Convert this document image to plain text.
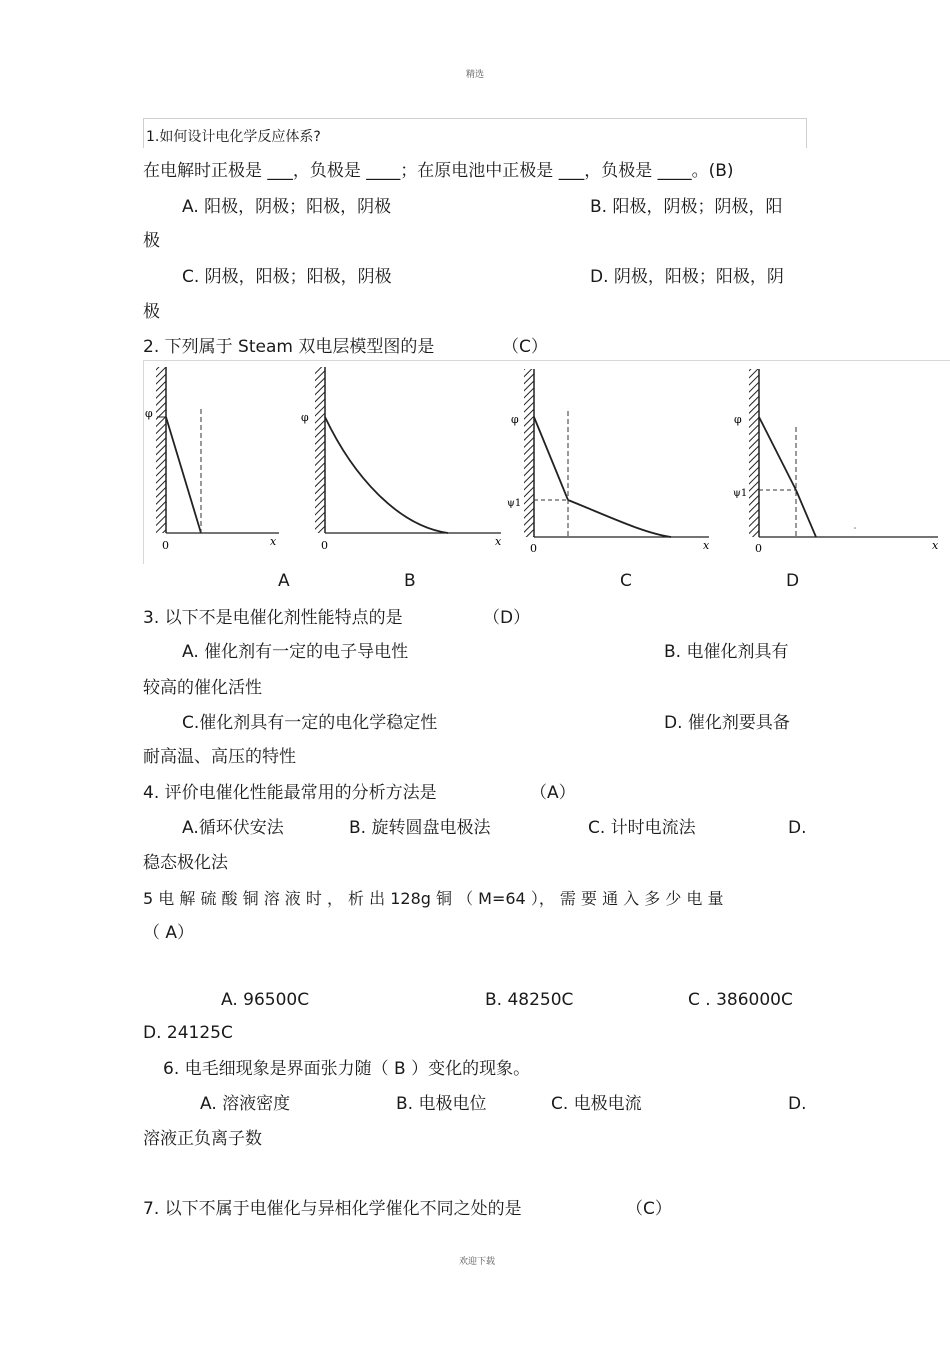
精选
欢迎下载
1.如何设计电化学反应体系?
在电解时正极是 ___，负极是 ____；在原电池中正极是 ___，负极是 ____。(B)
A. 阳极，阴极；阳极，阴极	B. 阳极，阴极；阴极，阳
极
C. 阴极，阳极；阳极，阴极	D. 阴极，阳极；阳极，阴
极
2. 下列属于 Steam 双电层模型图的是	（C）
φ
0	x
φ
0	x
φ
ψ1
0	x
φ
ψ1
0	x
A	B	C	D
3. 以下不是电催化剂性能特点的是	（D）
A. 催化剂有一定的电子导电性	B. 电催化剂具有
较高的催化活性
C.催化剂具有一定的电化学稳定性	D. 催化剂要具备
耐高温、高压的特性
4. 评价电催化性能最常用的分析方法是	（A）
A.循环伏安法	B. 旋转圆盘电极法	C. 计时电流法	D.
稳态极化法
5 电 解 硫 酸 铜 溶 液 时 ， 析 出 128g 铜 （ M=64 ）， 需 要 通 入 多 少 电 量
（ A）
A. 96500C	B. 48250C	C . 386000C
D. 24125C
6. 电毛细现象是界面张力随（ B ）变化的现象。
A. 溶液密度	B. 电极电位	C. 电极电流	D.
溶液正负离子数
7. 以下不属于电催化与异相化学催化不同之处的是	（C）
